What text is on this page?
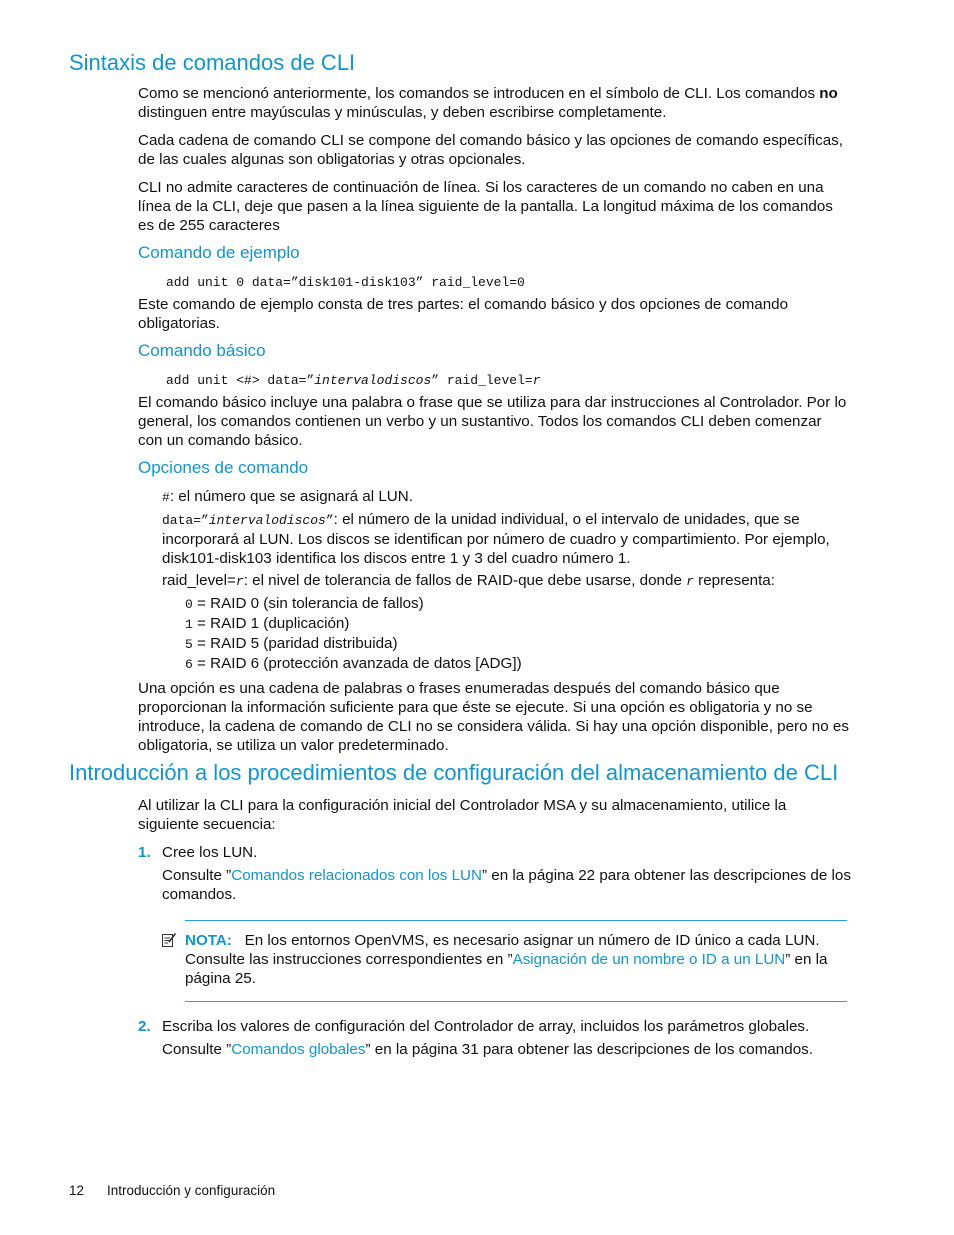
Sintaxis de comandos de CLI
Como se mencionó anteriormente, los comandos se introducen en el símbolo de CLI. Los comandos no distinguen entre mayúsculas y minúsculas, y deben escribirse completamente.
Cada cadena de comando CLI se compone del comando básico y las opciones de comando específicas, de las cuales algunas son obligatorias y otras opcionales.
CLI no admite caracteres de continuación de línea. Si los caracteres de un comando no caben en una línea de la CLI, deje que pasen a la línea siguiente de la pantalla. La longitud máxima de los comandos es de 255 caracteres
Comando de ejemplo
add unit 0 data=”disk101-disk103” raid_level=0
Este comando de ejemplo consta de tres partes: el comando básico y dos opciones de comando obligatorias.
Comando básico
add unit <#> data=”intervalodiscos” raid_level=r
El comando básico incluye una palabra o frase que se utiliza para dar instrucciones al Controlador. Por lo general, los comandos contienen un verbo y un sustantivo. Todos los comandos CLI deben comenzar con un comando básico.
Opciones de comando
#: el número que se asignará al LUN.
data=”intervalodiscos”: el número de la unidad individual, o el intervalo de unidades, que se incorporará al LUN. Los discos se identifican por número de cuadro y compartimiento. Por ejemplo, disk101-disk103 identifica los discos entre 1 y 3 del cuadro número 1.
raid_level=r: el nivel de tolerancia de fallos de RAID-que debe usarse, donde r representa:
0 = RAID 0 (sin tolerancia de fallos)
1 = RAID 1 (duplicación)
5 = RAID 5 (paridad distribuida)
6 = RAID 6 (protección avanzada de datos [ADG])
Una opción es una cadena de palabras o frases enumeradas después del comando básico que proporcionan la información suficiente para que éste se ejecute. Si una opción es obligatoria y no se introduce, la cadena de comando de CLI no se considera válida. Si hay una opción disponible, pero no es obligatoria, se utiliza un valor predeterminado.
Introducción a los procedimientos de configuración del almacenamiento de CLI
Al utilizar la CLI para la configuración inicial del Controlador MSA y su almacenamiento, utilice la siguiente secuencia:
1. Cree los LUN.
Consulte ”Comandos relacionados con los LUN” en la página 22 para obtener las descripciones de los comandos.
NOTA: En los entornos OpenVMS, es necesario asignar un número de ID único a cada LUN. Consulte las instrucciones correspondientes en ”Asignación de un nombre o ID a un LUN” en la página 25.
2. Escriba los valores de configuración del Controlador de array, incluidos los parámetros globales.
Consulte ”Comandos globales” en la página 31 para obtener las descripciones de los comandos.
12 Introducción y configuración
